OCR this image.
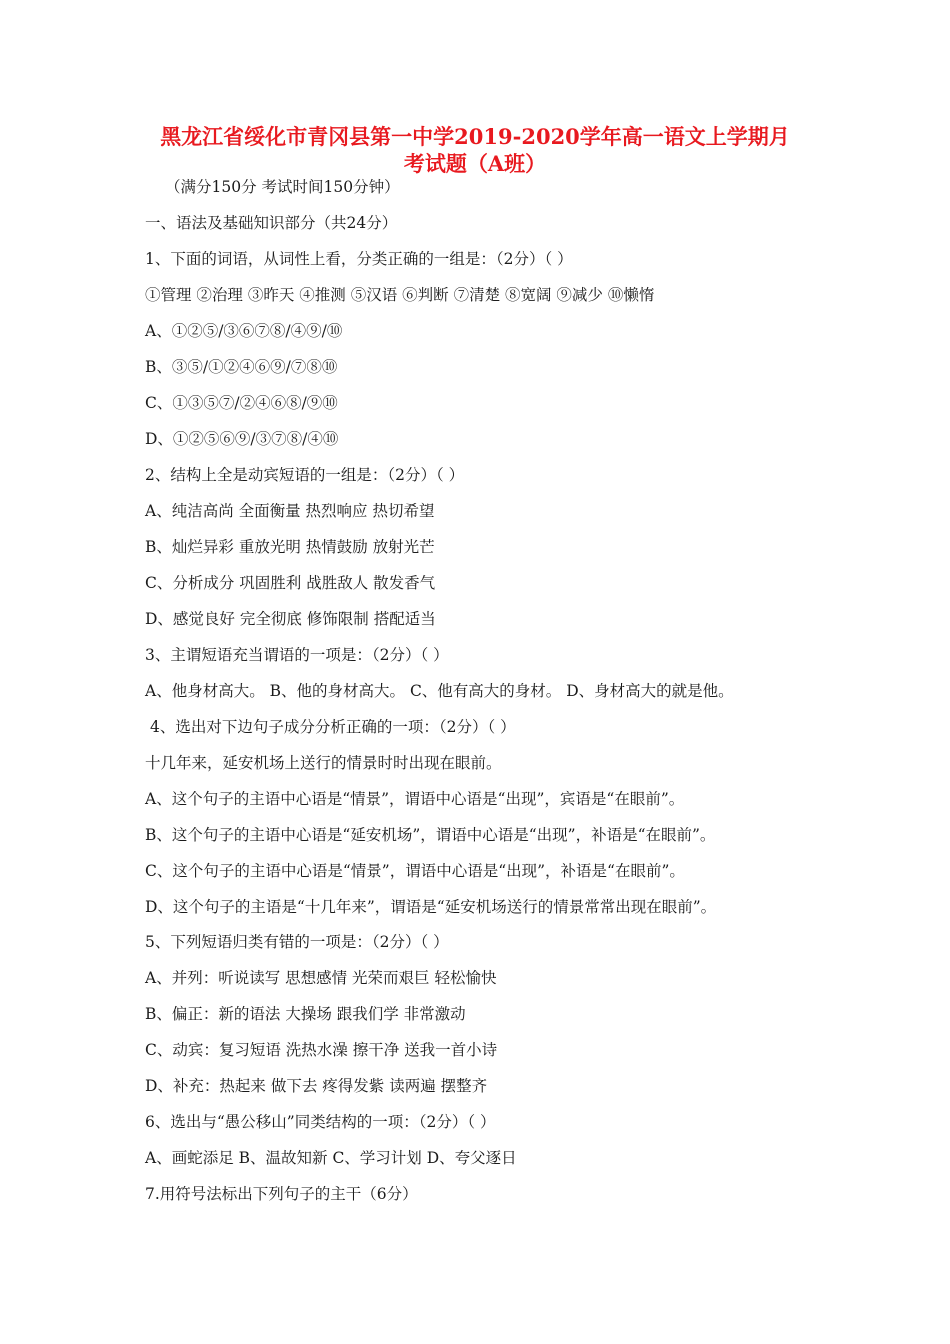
黑龙江省绥化市青冈县第一中学2019-2020学年高一语文上学期月
考试题（A班）
（满分150分 考试时间150分钟）
一、语法及基础知识部分（共24分）
1、下面的词语，从词性上看，分类正确的一组是：（2分）（ ）
①管理 ②治理 ③昨天 ④推测 ⑤汉语 ⑥判断 ⑦清楚 ⑧宽阔 ⑨减少 ⑩懒惰
A、①②⑤/③⑥⑦⑧/④⑨/⑩
B、③⑤/①②④⑥⑨/⑦⑧⑩
C、①③⑤⑦/②④⑥⑧/⑨⑩
D、①②⑤⑥⑨/③⑦⑧/④⑩
2、结构上全是动宾短语的一组是：（2分）（ ）
A、纯洁高尚 全面衡量 热烈响应 热切希望
B、灿烂异彩 重放光明 热情鼓励 放射光芒
C、分析成分 巩固胜利 战胜敌人 散发香气
D、感觉良好 完全彻底 修饰限制 搭配适当
3、主谓短语充当谓语的一项是：（2分）（ ）
A、他身材高大。 B、他的身材高大。 C、他有高大的身材。 D、身材高大的就是他。
4、选出对下边句子成分分析正确的一项：（2分）（ ）
十几年来，延安机场上送行的情景时时出现在眼前。
A、这个句子的主语中心语是“情景”，谓语中心语是“出现”，宾语是“在眼前”。
B、这个句子的主语中心语是“延安机场”，谓语中心语是“出现”，补语是“在眼前”。
C、这个句子的主语中心语是“情景”，谓语中心语是“出现”，补语是“在眼前”。
D、这个句子的主语是“十几年来”，谓语是“延安机场送行的情景常常出现在眼前”。
5、下列短语归类有错的一项是：（2分）（ ）
A、并列：听说读写 思想感情 光荣而艰巨 轻松愉快
B、偏正：新的语法 大操场 跟我们学 非常激动
C、动宾：复习短语 洗热水澡 擦干净 送我一首小诗
D、补充：热起来 做下去 疼得发紫 读两遍 摆整齐
6、选出与“愚公移山”同类结构的一项：（2分）（ ）
A、画蛇添足 B、温故知新 C、学习计划 D、夸父逐日
7.用符号法标出下列句子的主干（6分）
